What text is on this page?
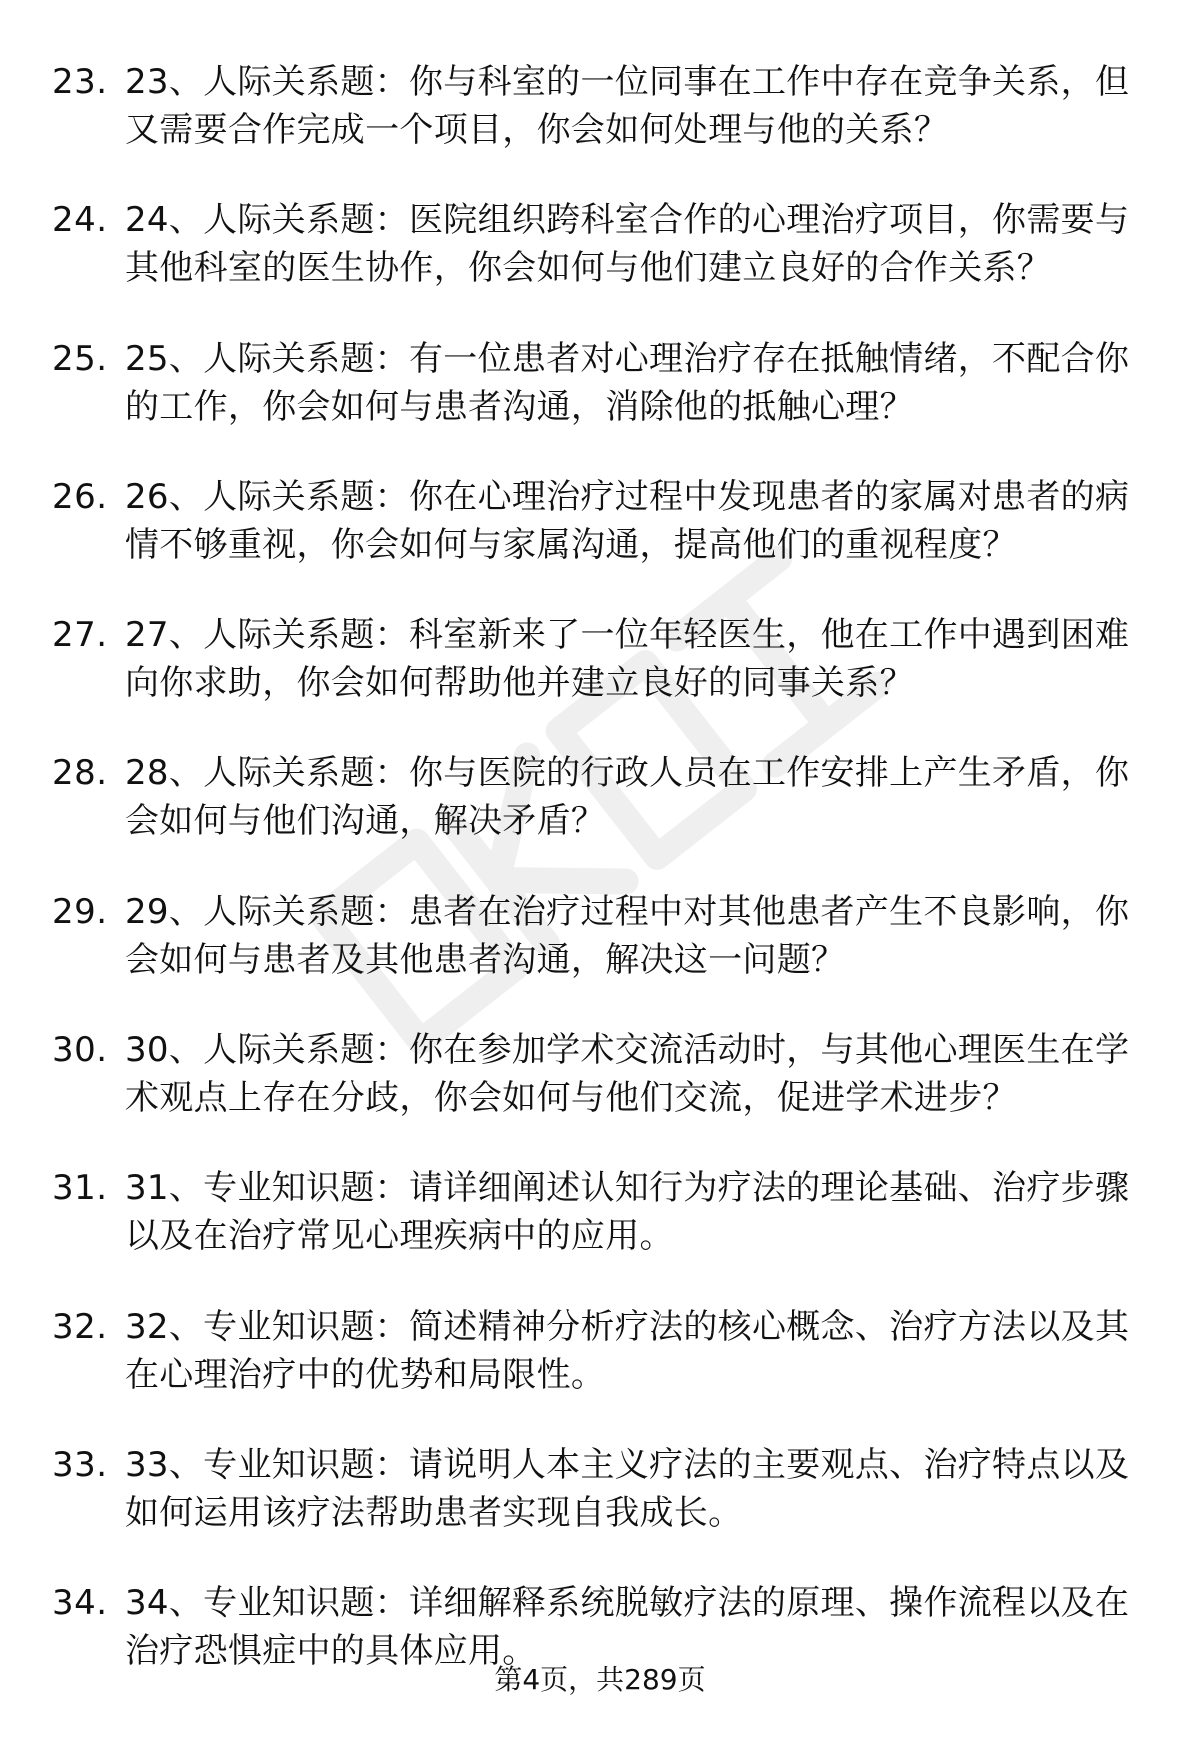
23. 23、人际关系题：你与科室的一位同事在工作中存在竞争关系，但又需要合作完成一个项目，你会如何处理与他的关系？
24. 24、人际关系题：医院组织跨科室合作的心理治疗项目，你需要与其他科室的医生协作，你会如何与他们建立良好的合作关系？
25. 25、人际关系题：有一位患者对心理治疗存在抵触情绪，不配合你的工作，你会如何与患者沟通，消除他的抵触心理？
26. 26、人际关系题：你在心理治疗过程中发现患者的家属对患者的病情不够重视，你会如何与家属沟通，提高他们的重视程度？
27. 27、人际关系题：科室新来了一位年轻医生，他在工作中遇到困难向你求助，你会如何帮助他并建立良好的同事关系？
28. 28、人际关系题：你与医院的行政人员在工作安排上产生矛盾，你会如何与他们沟通，解决矛盾？
29. 29、人际关系题：患者在治疗过程中对其他患者产生不良影响，你会如何与患者及其他患者沟通，解决这一问题？
30. 30、人际关系题：你在参加学术交流活动时，与其他心理医生在学术观点上存在分歧，你会如何与他们交流，促进学术进步？
31. 31、专业知识题：请详细阐述认知行为疗法的理论基础、治疗步骤以及在治疗常见心理疾病中的应用。
32. 32、专业知识题：简述精神分析疗法的核心概念、治疗方法以及其在心理治疗中的优势和局限性。
33. 33、专业知识题：请说明人本主义疗法的主要观点、治疗特点以及如何运用该疗法帮助患者实现自我成长。
34. 34、专业知识题：详细解释系统脱敏疗法的原理、操作流程以及在治疗恐惧症中的具体应用。
第4页，共289页
